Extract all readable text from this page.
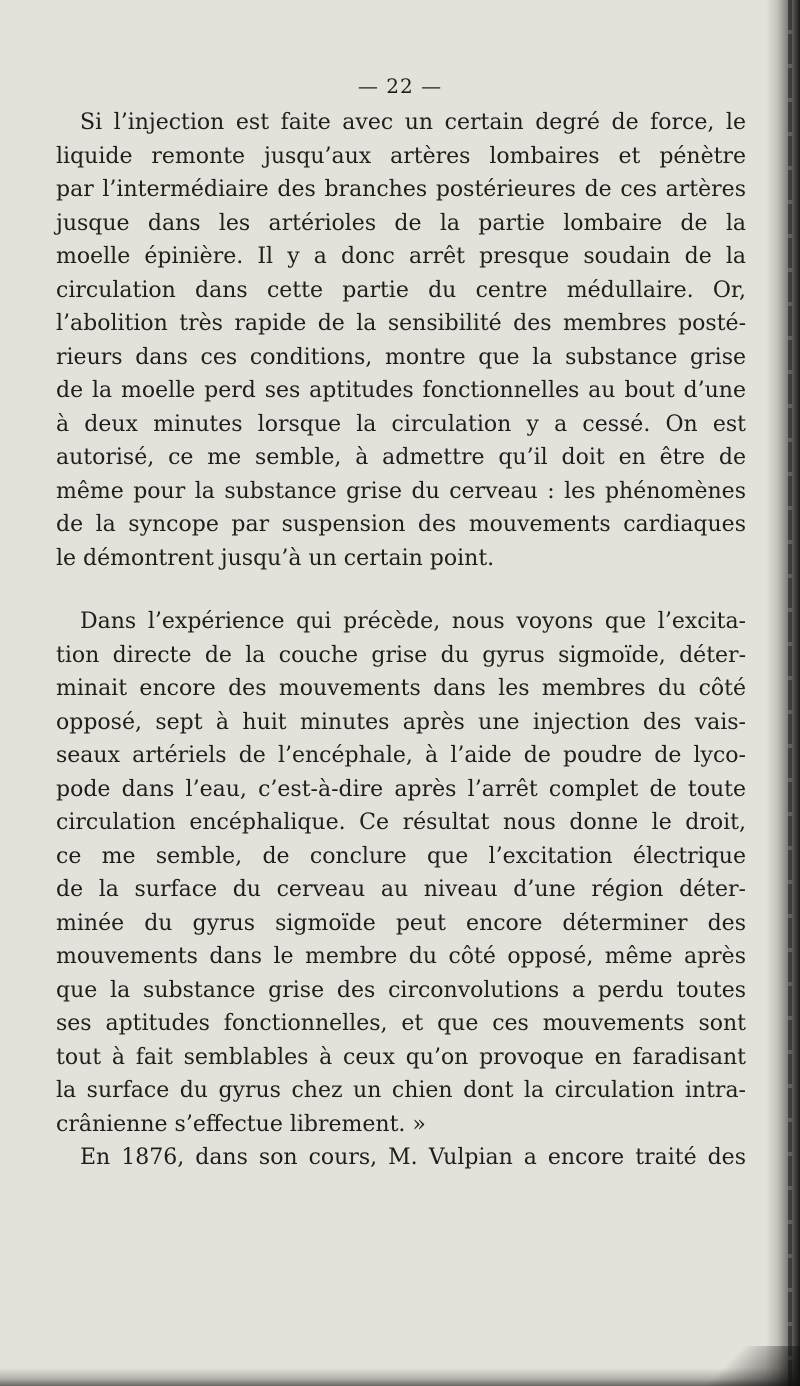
— 22 —
Si l’injection est faite avec un certain degré de force, le
liquide remonte jusqu’aux artères lombaires et pénètre
par l’intermédiaire des branches postérieures de ces artères
jusque dans les artérioles de la partie lombaire de la
moelle épinière. Il y a donc arrêt presque soudain de la
circulation dans cette partie du centre médullaire. Or,
l’abolition très rapide de la sensibilité des membres posté-
rieurs dans ces conditions, montre que la substance grise
de la moelle perd ses aptitudes fonctionnelles au bout d’une
à deux minutes lorsque la circulation y a cessé. On est
autorisé, ce me semble, à admettre qu’il doit en être de
même pour la substance grise du cerveau : les phénomènes
de la syncope par suspension des mouvements cardiaques
le démontrent jusqu’à un certain point.
Dans l’expérience qui précède, nous voyons que l’excita-
tion directe de la couche grise du gyrus sigmoïde, déter-
minait encore des mouvements dans les membres du côté
opposé, sept à huit minutes après une injection des vais-
seaux artériels de l’encéphale, à l’aide de poudre de lyco-
pode dans l’eau, c’est-à-dire après l’arrêt complet de toute
circulation encéphalique. Ce résultat nous donne le droit,
ce me semble, de conclure que l’excitation électrique
de la surface du cerveau au niveau d’une région déter-
minée du gyrus sigmoïde peut encore déterminer des
mouvements dans le membre du côté opposé, même après
que la substance grise des circonvolutions a perdu toutes
ses aptitudes fonctionnelles, et que ces mouvements sont
tout à fait semblables à ceux qu’on provoque en faradisant
la surface du gyrus chez un chien dont la circulation intra-
crânienne s’effectue librement. »
En 1876, dans son cours, M. Vulpian a encore traité des
